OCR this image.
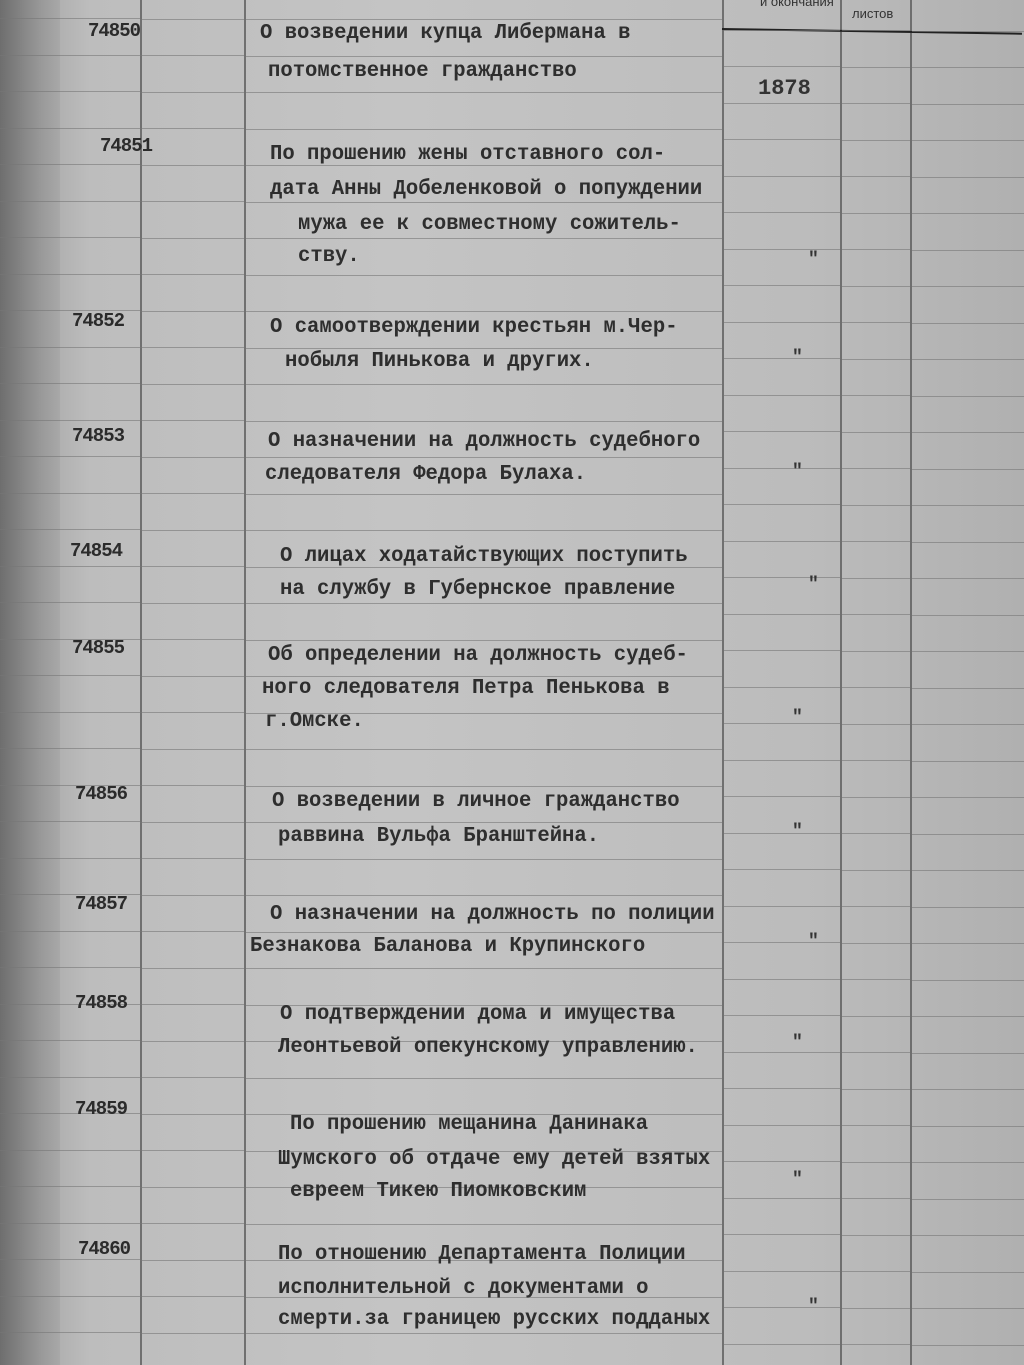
и окончания
листов
74850	О возведении купца Либермана в
потомственное гражданство
1878
74851	По прошению жены отставного сол-
дата Анны Добеленковой о попуждении
мужа ее к совместному сожитель-
ству.	"
74852	О самоотверждении крестьян м.Чер-
нобыля Пинькова и других.	"
74853	О назначении на должность судебного
следователя Федора Булаха.	"
74854	О лицах ходатайствующих поступить
на службу в Губернское правление	"
74855	Об определении на должность судеб-
ного следователя Петра Пенькова в
г.Омске.	"
74856	О возведении в личное гражданство
раввина Вульфа Бранштейна.	"
74857	О назначении на должность по полиции
Безнакова Баланова и Крупинского	"
74858	О подтверждении дома и имущества
Леонтьевой опекунскому управлению.	"
74859
По прошению мещанина Данинака
Шумского об отдаче ему детей взятых
евреем Тикею Пиомковским	"
74860	По отношению Департамента Полиции
исполнительной с документами о
смерти.за границею русских подданых
"
